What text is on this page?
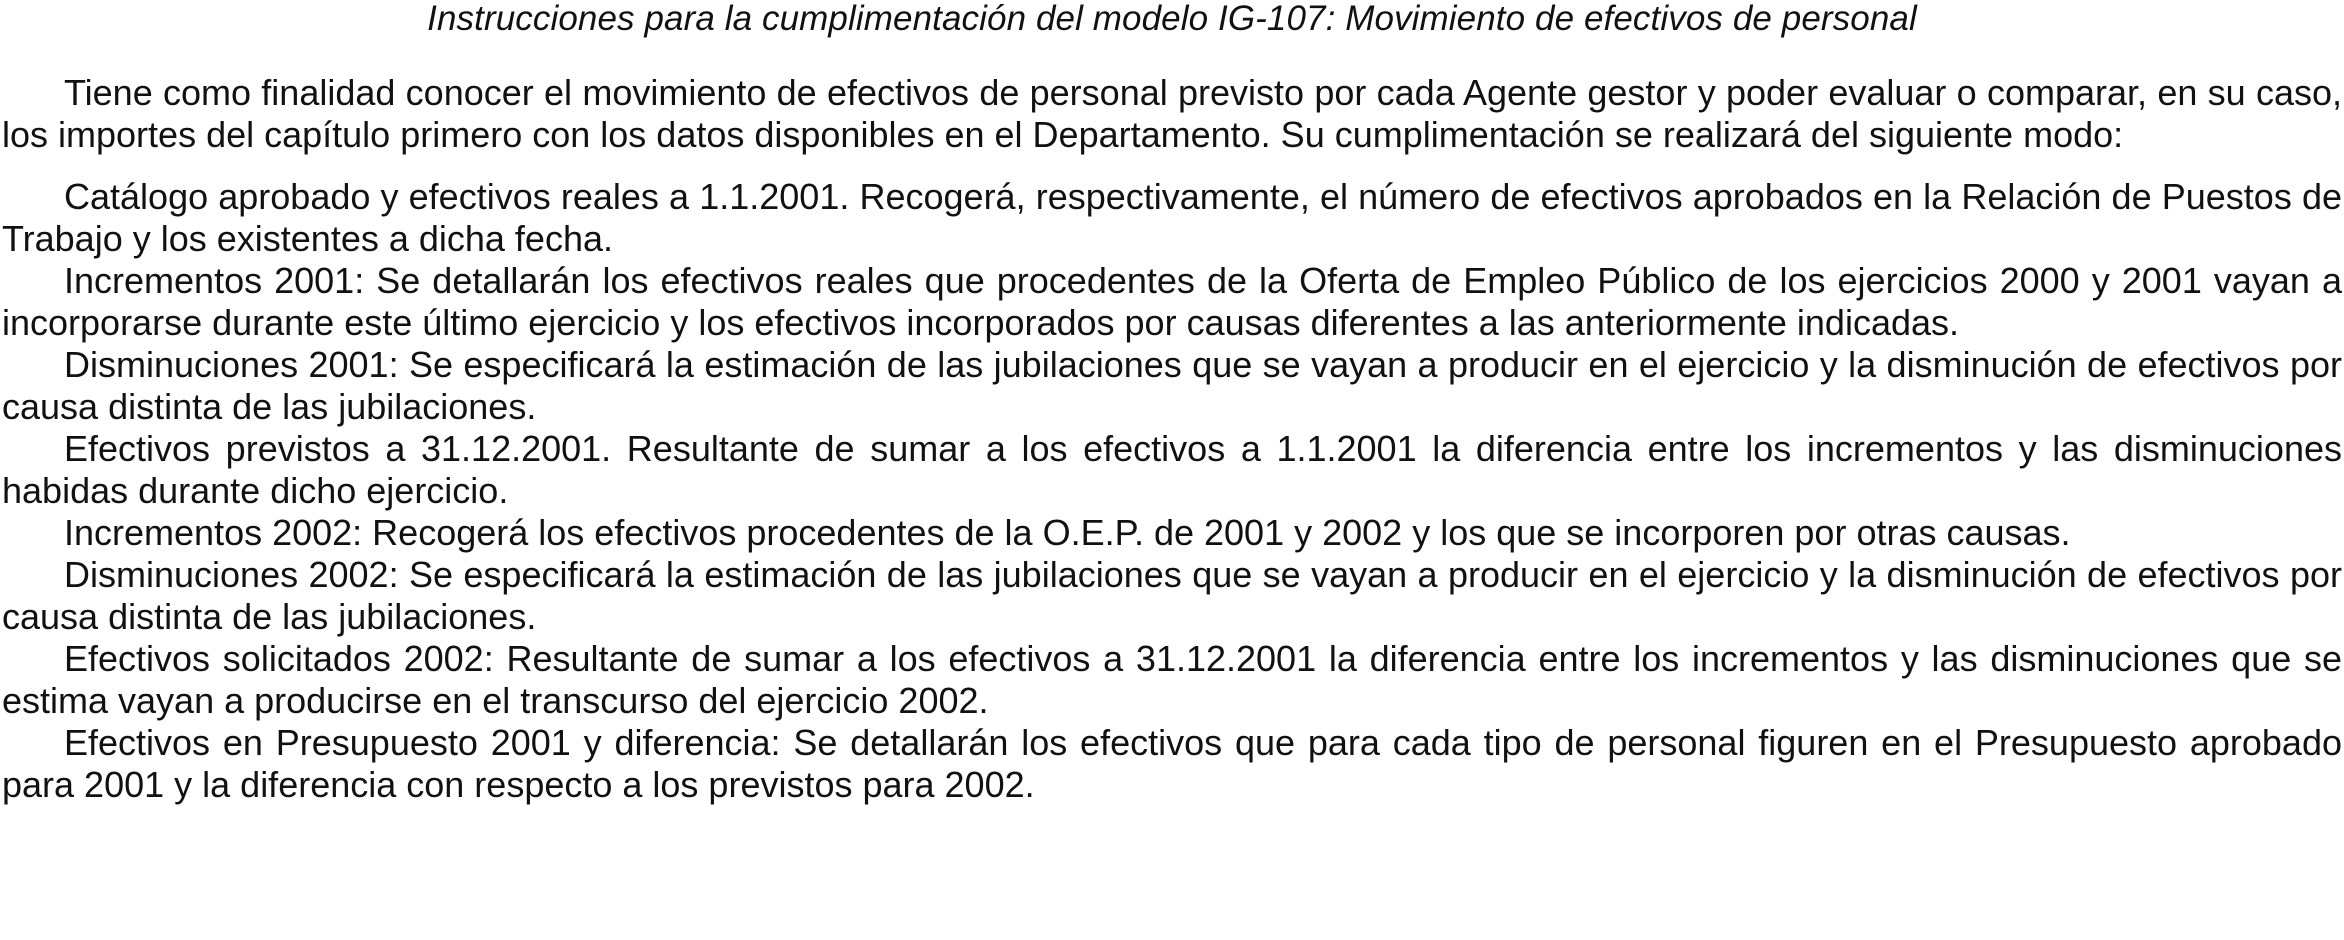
Instrucciones para la cumplimentación del modelo IG-107: Movimiento de efectivos de personal

Tiene como finalidad conocer el movimiento de efectivos de personal previsto por cada Agente gestor y poder evaluar o comparar, en su caso, los importes del capítulo primero con los datos disponibles en el Departamento. Su cumplimentación se realizará del siguiente modo:

Catálogo aprobado y efectivos reales a 1.1.2001. Recogerá, respectivamente, el número de efectivos aprobados en la Relación de Puestos de Trabajo y los existentes a dicha fecha.

Incrementos 2001: Se detallarán los efectivos reales que procedentes de la Oferta de Empleo Público de los ejercicios 2000 y 2001 vayan a incorporarse durante este último ejercicio y los efectivos incorporados por causas diferentes a las anteriormente indicadas.

Disminuciones 2001: Se especificará la estimación de las jubilaciones que se vayan a producir en el ejercicio y la disminución de efectivos por causa distinta de las jubilaciones.

Efectivos previstos a 31.12.2001. Resultante de sumar a los efectivos a 1.1.2001 la diferencia entre los incrementos y las disminuciones habidas durante dicho ejercicio.

Incrementos 2002: Recogerá los efectivos procedentes de la O.E.P. de 2001 y 2002 y los que se incorporen por otras causas.

Disminuciones 2002: Se especificará la estimación de las jubilaciones que se vayan a producir en el ejercicio y la disminución de efectivos por causa distinta de las jubilaciones.

Efectivos solicitados 2002: Resultante de sumar a los efectivos a 31.12.2001 la diferencia entre los incrementos y las disminuciones que se estima vayan a producirse en el transcurso del ejercicio 2002.

Efectivos en Presupuesto 2001 y diferencia: Se detallarán los efectivos que para cada tipo de personal figuren en el Presupuesto aprobado para 2001 y la diferencia con respecto a los previstos para 2002.
